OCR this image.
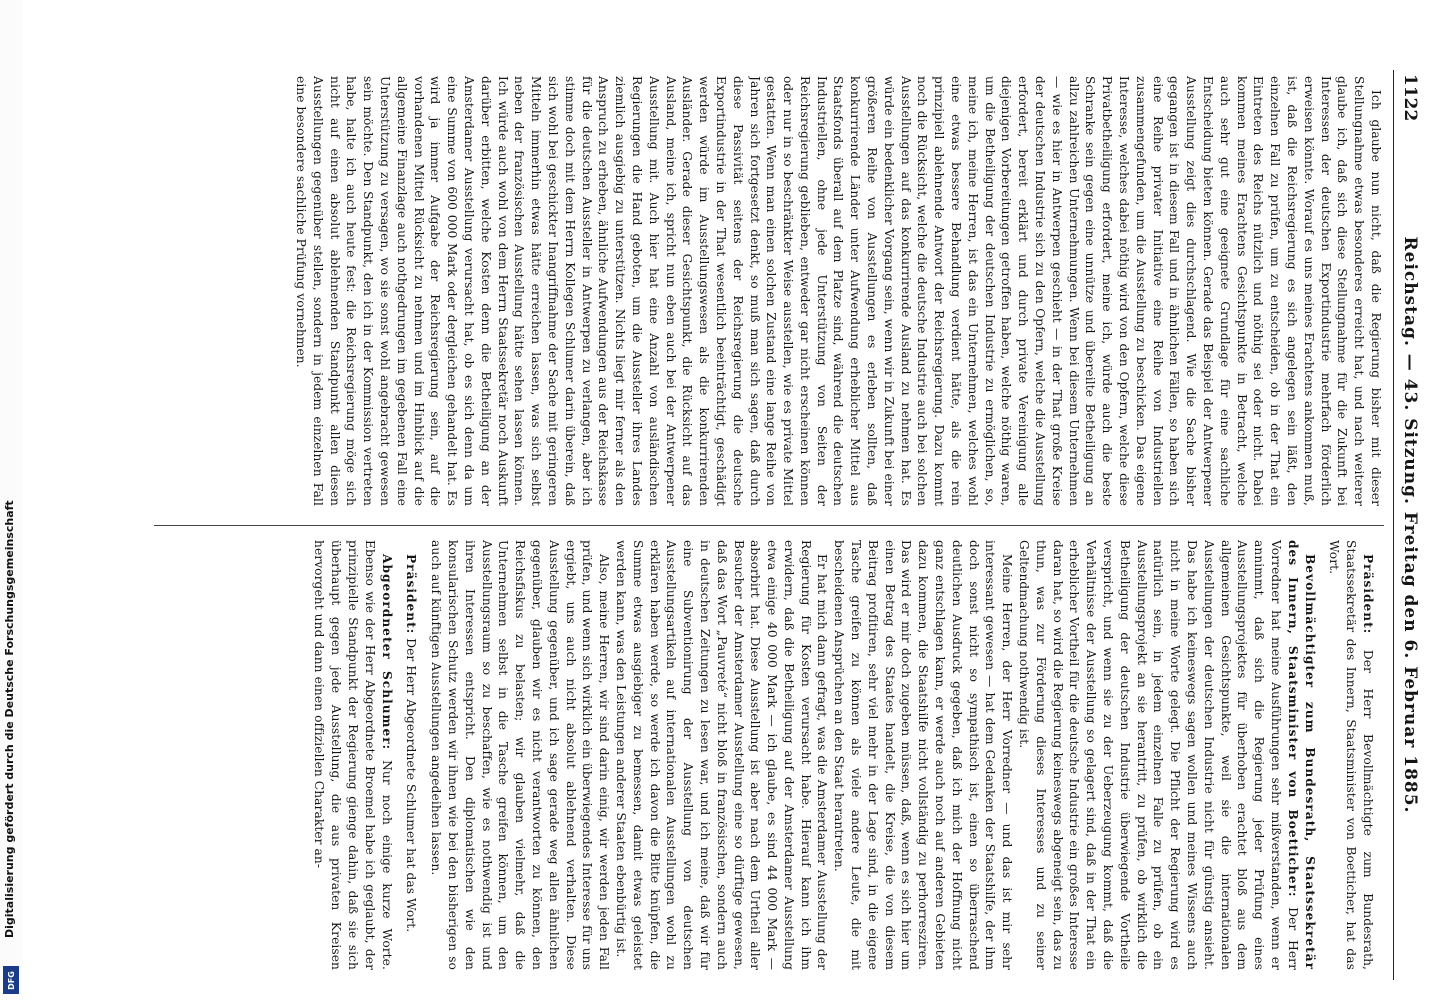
Digitalisierung gefördert durch die Deutsche Forschungsgemeinschaft
DFG
1122
Reichstag. — 43. Sitzung. Freitag den 6. Februar 1885.

Ich glaube nun nicht, daß die Regierung bisher mit dieser Stellungnahme etwas besonderes erreicht hat, und nach weiterer glaube ich, daß sich diese Stellungnahme für die Zukunft bei Interessen der deutschen Exportindustrie mehrfach förderlich erweisen könnte. Worauf es uns meines Erachtens ankommen muß, ist, daß die Reichsregierung es sich angelegen sein läßt, den einzelnen Fall zu prüfen, um zu entscheiden, ob in der That ein Eintreten des Reichs nützlich und nöthig sei oder nicht. Dabei kommen meines Erachtens Gesichtspunkte in Betracht, welche auch sehr gut eine geeignete Grundlage für eine sachliche Entscheidung bieten können. Gerade das Beispiel der Antwerpener Ausstellung zeigt dies durchschlagend. Wie die Sache bisher gegangen ist in diesem Fall und in ähnlichen Fällen, so haben sich eine Reihe privater Initiative eine Reihe von Industriellen zusammengefunden, um die Ausstellung zu beschicken. Das eigene Interesse, welches dabei nöthig wird von den Opfern, welche diese Privatbetheiligung erfordert, meine ich, würde auch die beste Schranke sein gegen eine unnütze und übereilte Betheiligung an allzu zahlreichen Unternehmungen. Wenn bei diesem Unternehmen — wie es hier in Antwerpen geschieht — in der That große Kreise der deutschen Industrie sich zu den Opfern, welche die Ausstellung erfordert, bereit erklärt und durch private Vereinigung alle diejenigen Vorbereitungen getroffen haben, welche nöthig waren, um die Betheiligung der deutschen Industrie zu ermöglichen, so, meine ich, meine Herren, ist das ein Unternehmen, welches wohl eine etwas bessere Behandlung verdient hätte, als die rein prinzipiell ablehnende Antwort der Reichsregierung. Dazu kommt noch die Rücksicht, welche die deutsche Industrie auch bei solchen Ausstellungen auf das konkurrirende Ausland zu nehmen hat. Es würde ein bedenklicher Vorgang sein, wenn wir in Zukunft bei einer größeren Reihe von Ausstellungen es erleben sollten, daß konkurrirende Länder unter Aufwendung erheblicher Mittel aus Staatsfonds überall auf dem Platze sind, während die deutschen Industriellen, ohne jede Unterstützung von Seiten der Reichsregierung geblieben, entweder gar nicht erscheinen können oder nur in so beschränkter Weise ausstellen, wie es private Mittel gestatten. Wenn man einen solchen Zustand eine lange Reihe von Jahren sich fortgesetzt denkt, so muß man sich sagen, daß durch diese Passivität seitens der Reichsregierung die deutsche Exportindustrie in der That wesentlich beeinträchtigt, geschädigt werden würde im Ausstellungswesen als die konkurrirenden Ausländer. Gerade dieser Gesichtspunkt, die Rücksicht auf das Ausland, meine ich, spricht nun eben auch bei der Antwerpener Ausstellung mit. Auch hier hat eine Anzahl von ausländischen Regierungen die Hand geboten, um die Aussteller ihres Landes ziemlich ausgiebig zu unterstützen. Nichts liegt mir ferner als den Anspruch zu erheben, ähnliche Aufwendungen aus der Reichskasse für die deutschen Aussteller in Antwerpen zu verlangen, aber ich stimme doch mit dem Herrn Kollegen Schlumer darin überein, daß sich wohl bei geschickter Inangriffnahme der Sache mit geringeren Mitteln immerhin etwas hätte erreichen lassen, was sich selbst neben der französischen Ausstellung hätte sehen lassen können. Ich würde auch wohl von dem Herrn Staatssekretär noch Auskunft darüber erbitten, welche Kosten denn die Betheiligung an der Amsterdamer Ausstellung verursacht hat, ob es sich denn da um eine Summe von 600 000 Mark oder dergleichen gehandelt hat. Es wird ja immer Aufgabe der Reichsregierung sein, auf die vorhandenen Mittel Rücksicht zu nehmen und im Hinblick auf die allgemeine Finanzlage auch nothgedrungen im gegebenen Fall eine Unterstützung zu versagen, wo sie sonst wohl angebracht gewesen sein möchte. Den Standpunkt, den ich in der Kommission vertreten habe, halte ich auch heute fest: die Reichsregierung möge sich nicht auf einen absolut ablehnenden Standpunkt allen diesen Ausstellungen gegenüber stellen, sondern in jedem einzelnen Fall eine besondere sachliche Prüfung vornehmen.

Präsident: Der Herr Bevollmächtigte zum Bundesrath, Staatssekretär des Innern, Staatsminister von Boetticher, hat das Wort.

Bevollmächtigter zum Bundesrath, Staatssekretär des Innern, Staatsminister von Boetticher: Der Herr Vorredner hat meine Ausführungen sehr mißverstanden, wenn er annimmt, daß sich die Regierung jeder Prüfung eines Ausstellungsprojektes für überhoben erachtet bloß aus dem allgemeinen Gesichtspunkte, weil sie die internationalen Ausstellungen der deutschen Industrie nicht für günstig ansieht. Das habe ich keineswegs sagen wollen und meines Wissens auch nicht in meine Worte gelegt. Die Pflicht der Regierung wird es natürlich sein, in jedem einzelnen Falle zu prüfen, ob ein Ausstellungsprojekt an sie herantritt, zu prüfen, ob wirklich die Betheiligung der deutschen Industrie überwiegende Vortheile verspricht, und wenn sie zu der Ueberzeugung kommt, daß die Verhältnisse der Ausstellung so gelagert sind, daß in der That ein erheblicher Vortheil für die deutsche Industrie ein großes Interesse daran hat, so wird die Regierung keineswegs abgeneigt sein, das zu thun, was zur Förderung dieses Interesses und zu seiner Geltendmachung nothwendig ist.

Meine Herren, der Herr Vorredner — und das ist mir sehr interessant gewesen — hat dem Gedanken der Staatshilfe, der ihm doch sonst nicht so sympathisch ist, einen so überraschend deutlichen Ausdruck gegeben, daß ich mich der Hoffnung nicht ganz entschlagen kann, er werde auch noch auf anderen Gebieten dazu kommen, die Staatshilfe nicht vollständig zu perhorresziren. Das wird er mir doch zugeben müssen, daß, wenn es sich hier um einen Betrag des Staates handelt, die Kreise, die von diesem Beitrag profitiren, sehr viel mehr in der Lage sind, in die eigene Tasche greifen zu können als viele andere Leute, die mit bescheidenen Ansprüchen an den Staat herantreten.

Er hat mich dann gefragt, was die Amsterdamer Ausstellung der Regierung für Kosten verursacht habe. Hierauf kann ich ihm erwidern, daß die Betheiligung auf der Amsterdamer Ausstellung etwa einige 40 000 Mark — ich glaube, es sind 44 000 Mark — absorbirt hat. Diese Ausstellung ist aber nach dem Urtheil aller Besucher der Amsterdamer Ausstellung eine so dürftige gewesen, daß das Wort „Pauvreté“ nicht bloß in französischen, sondern auch in deutschen Zeitungen zu lesen war, und ich meine, daß wir für eine Subventionirung der Ausstellung von deutschen Ausstellungsartikeln auf internationalen Ausstellungen wohl zu erklären haben werde, so werde ich davon die Bitte knüpfen, die Summe etwas ausgiebiger zu bemessen, damit etwas geleistet werden kann, was den Leistungen anderer Staaten ebenbürtig ist.

Also, meine Herren, wir sind darin einig, wir werden jeden Fall prüfen, und wenn sich wirklich ein überwiegendes Interesse für uns ergiebt, uns auch nicht absolut ablehnend verhalten. Diese Ausstellung gegenüber, und ich sage gerade weg allen ähnlichen gegenüber, glauben wir es nicht verantworten zu können, den Reichsfiskus zu belasten; wir glauben vielmehr, daß die Unternehmen selbst in die Tasche greifen können, um den Ausstellungsraum so zu beschaffen, wie es nothwendig ist und ihren Interessen entspricht. Den diplomatischen wie den konsularischen Schutz werden wir ihnen wie bei den bisherigen so auch auf künftigen Ausstellungen angedeihen lassen.

Präsident: Der Herr Abgeordnete Schlumer hat das Wort.

Abgeordneter Schlumer: Nur noch einige kurze Worte. Ebenso wie der Herr Abgeordnete Broemel habe ich geglaubt, der prinzipielle Standpunkt der Regierung gienge dahin, daß sie sich überhaupt gegen jede Ausstellung, die aus privaten Kreisen hervorgeht und dann einen offiziellen Charakter an-
